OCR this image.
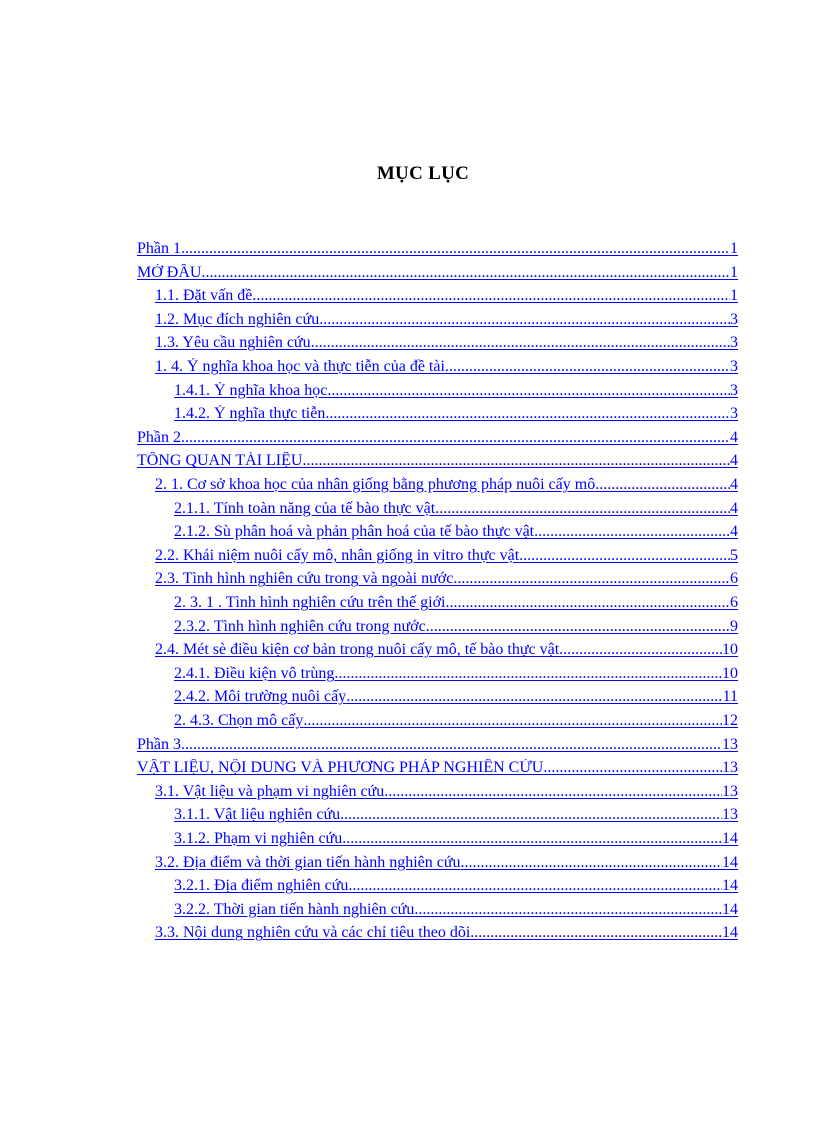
MỤC LỤC
Phần 1 .....	1
MỞ ĐẦU .....	1
1.1. Đặt vấn đề .....	1
1.2. Mục đích nghiên cứu .....	3
1.3. Yêu cầu nghiên cứu .....	3
1. 4. Ý nghĩa khoa học và thực tiễn của đề tài .....	3
1.4.1. Ý nghĩa khoa học .....	3
1.4.2. Ý nghĩa thực tiễn .....	3
Phần 2 .....	4
TỔNG QUAN TÀI LIỆU .....	4
2. 1. Cơ sở khoa học của nhân giống bằng phương pháp nuôi cấy mô .....	4
2.1.1. Tính toàn năng của tế bào thực vật .....	4
2.1.2. Sù phân hoá và phản phân hoá của tế bào thực vật .....	4
2.2. Khái niệm nuôi cấy mô, nhân giống in vitro thực vật .....	5
2.3. Tình hình nghiên cứu trong và ngoài nước .....	6
2. 3. 1 . Tình hình nghiên cứu trên thế giới .....	6
2.3.2. Tình hình nghiên cứu trong nước .....	9
2.4. Mét sè điều kiện cơ bản trong nuôi cấy mô, tế bào thực vật .....	10
2.4.1. Điều kiện vô trùng .....	10
2.4.2. Môi trường nuôi cấy .....	11
2. 4.3. Chọn mô cấy .....	12
Phần 3 .....	13
VẬT LIỆU, NỘI DUNG VÀ PHƯƠNG PHÁP NGHIÊN CỨU .....	13
3.1. Vật liệu và phạm vi nghiên cứu .....	13
3.1.1. Vật liệu nghiên cứu .....	13
3.1.2. Phạm vi nghiên cứu .....	14
3.2. Địa điểm và thời gian tiến hành nghiên cứu .....	14
3.2.1. Địa điểm nghiên cứu .....	14
3.2.2. Thời gian tiến hành nghiên cứu .....	14
3.3. Nội dung nghiên cứu và các chỉ tiêu theo dõi .....	14
